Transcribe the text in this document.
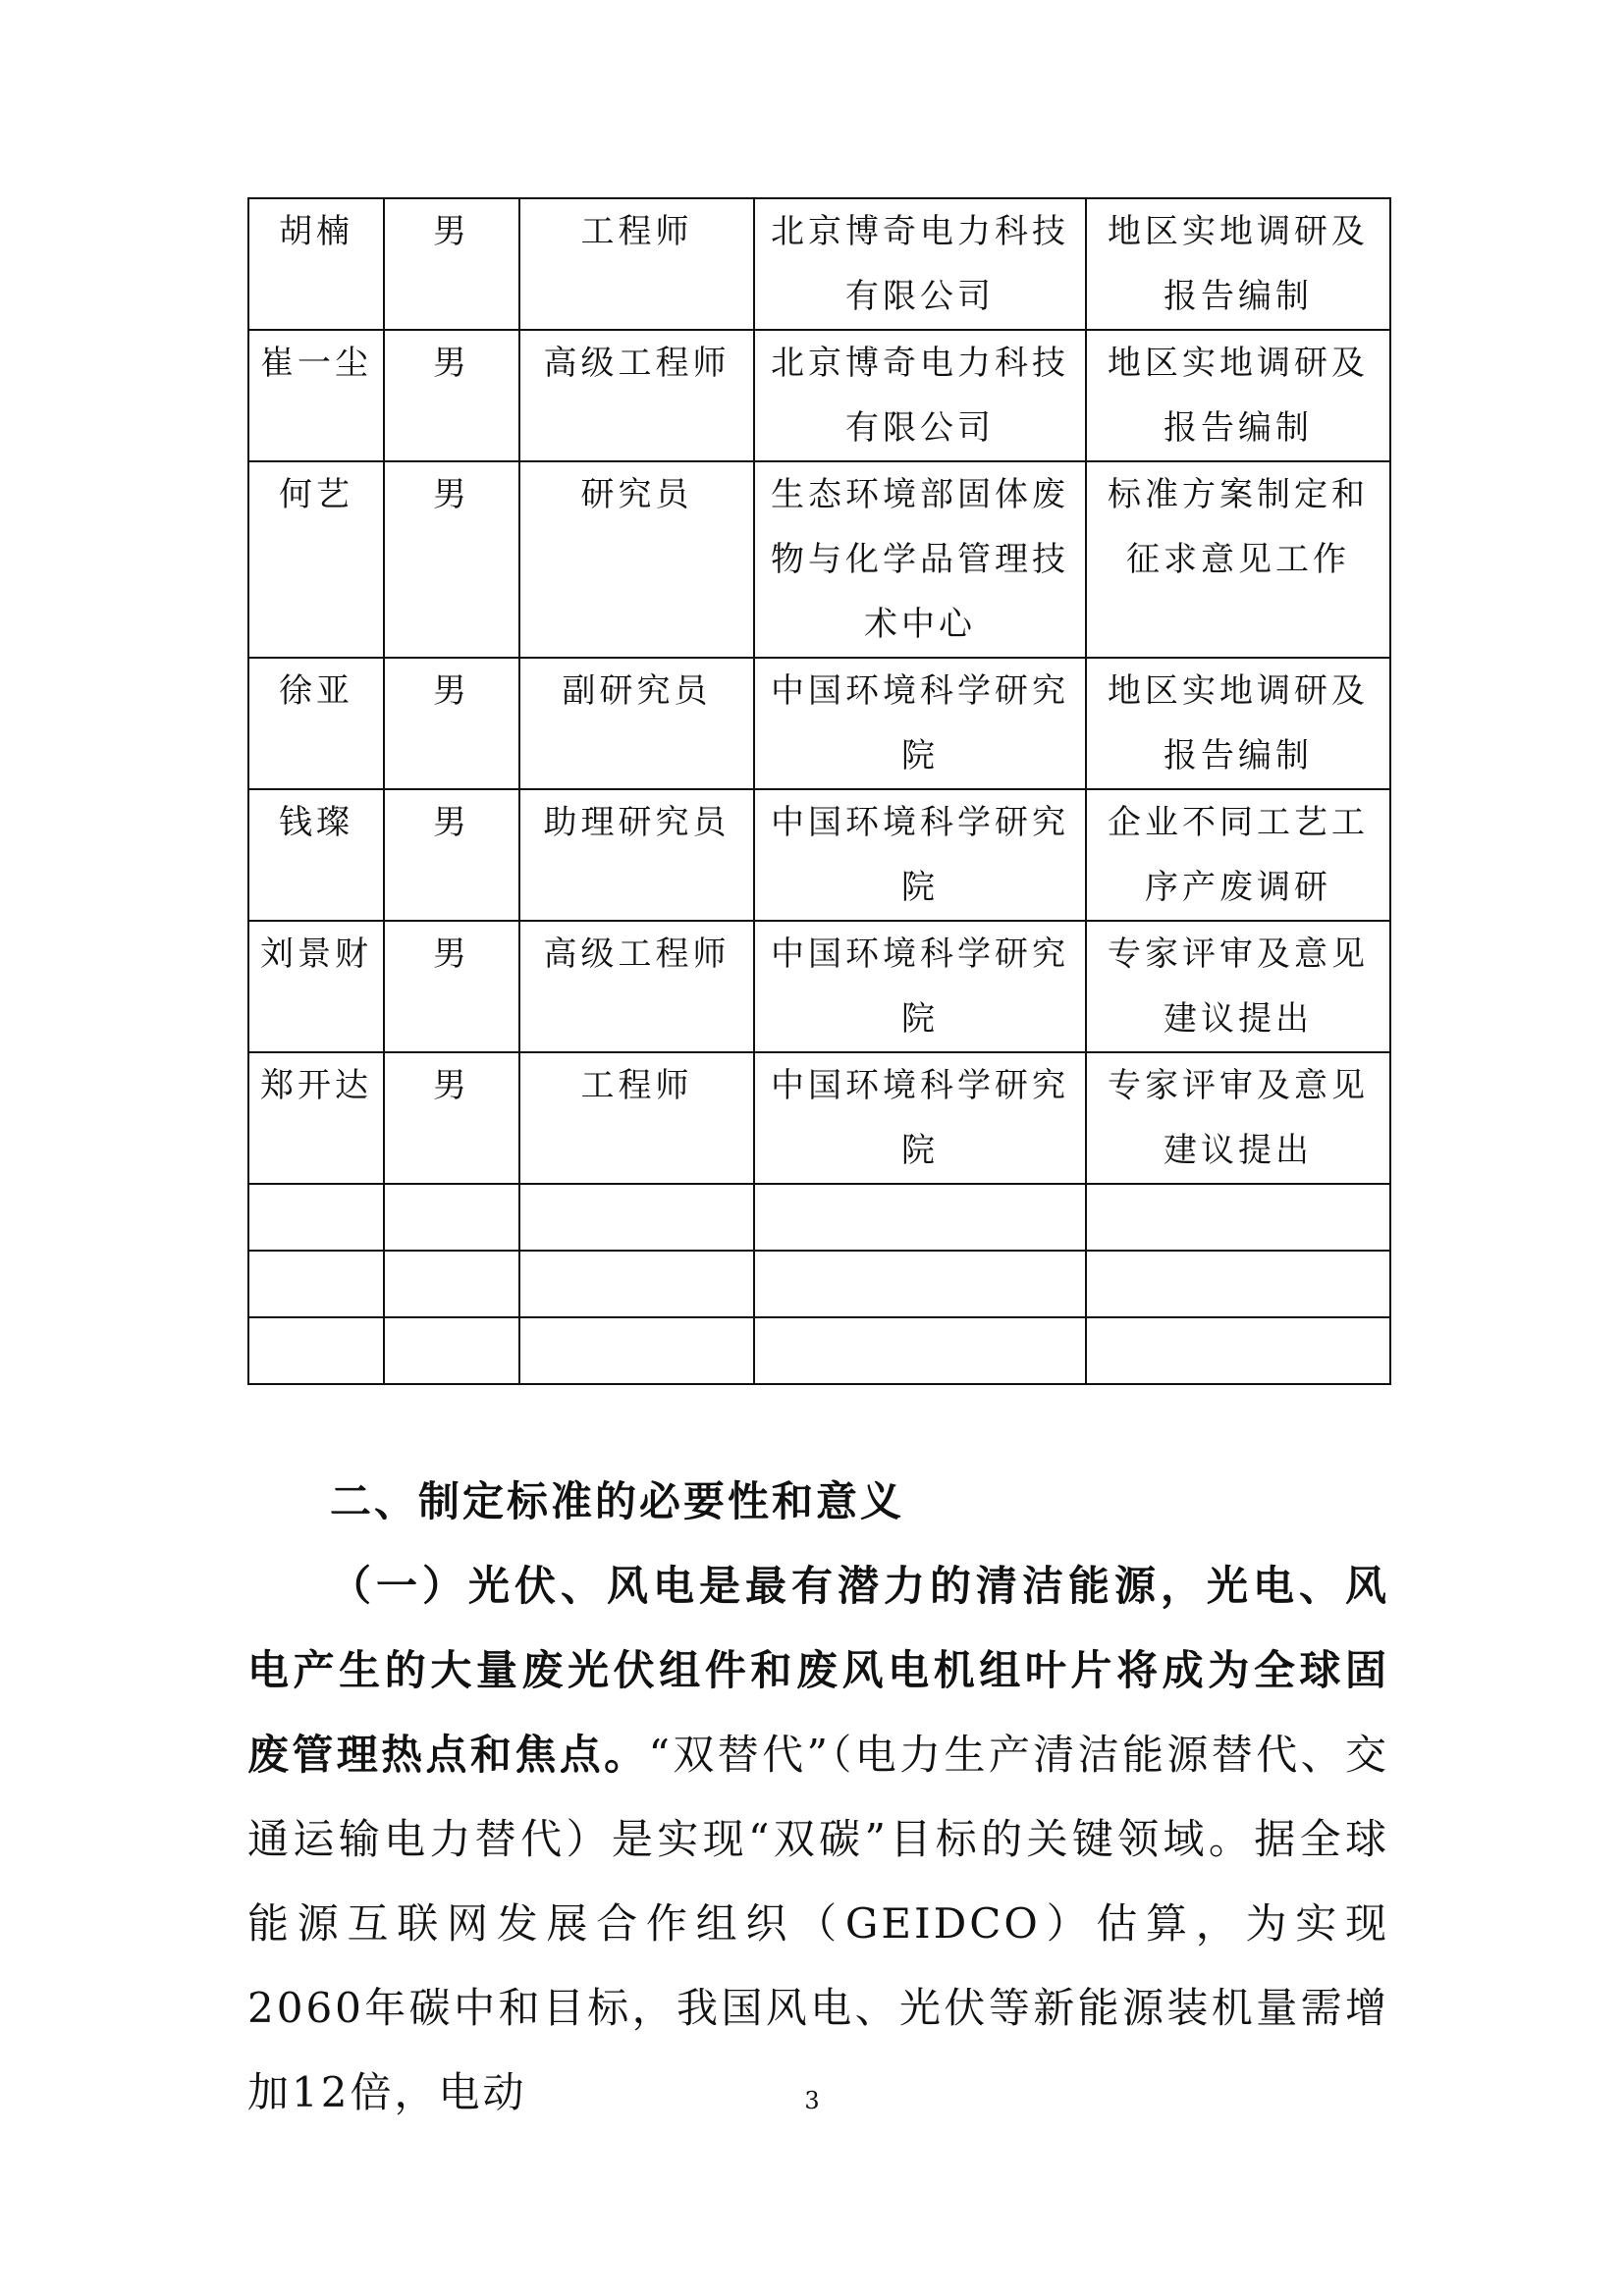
胡楠	男	工程师	北京博奇电力科技有限公司	地区实地调研及报告编制
崔一尘	男	高级工程师	北京博奇电力科技有限公司	地区实地调研及报告编制
何艺	男	研究员	生态环境部固体废物与化学品管理技术中心	标准方案制定和征求意见工作
徐亚	男	副研究员	中国环境科学研究院	地区实地调研及报告编制
钱璨	男	助理研究员	中国环境科学研究院	企业不同工艺工序产废调研
刘景财	男	高级工程师	中国环境科学研究院	专家评审及意见建议提出
郑开达	男	工程师	中国环境科学研究院	专家评审及意见建议提出

二、制定标准的必要性和意义

（一）光伏、风电是最有潜力的清洁能源，光电、风电产生的大量废光伏组件和废风电机组叶片将成为全球固废管理热点和焦点。“双替代”（电力生产清洁能源替代、交通运输电力替代）是实现“双碳”目标的关键领域。据全球能源互联网发展合作组织（GEIDCO）估算，为实现2060年碳中和目标，我国风电、光伏等新能源装机量需增加12倍，电动	3
